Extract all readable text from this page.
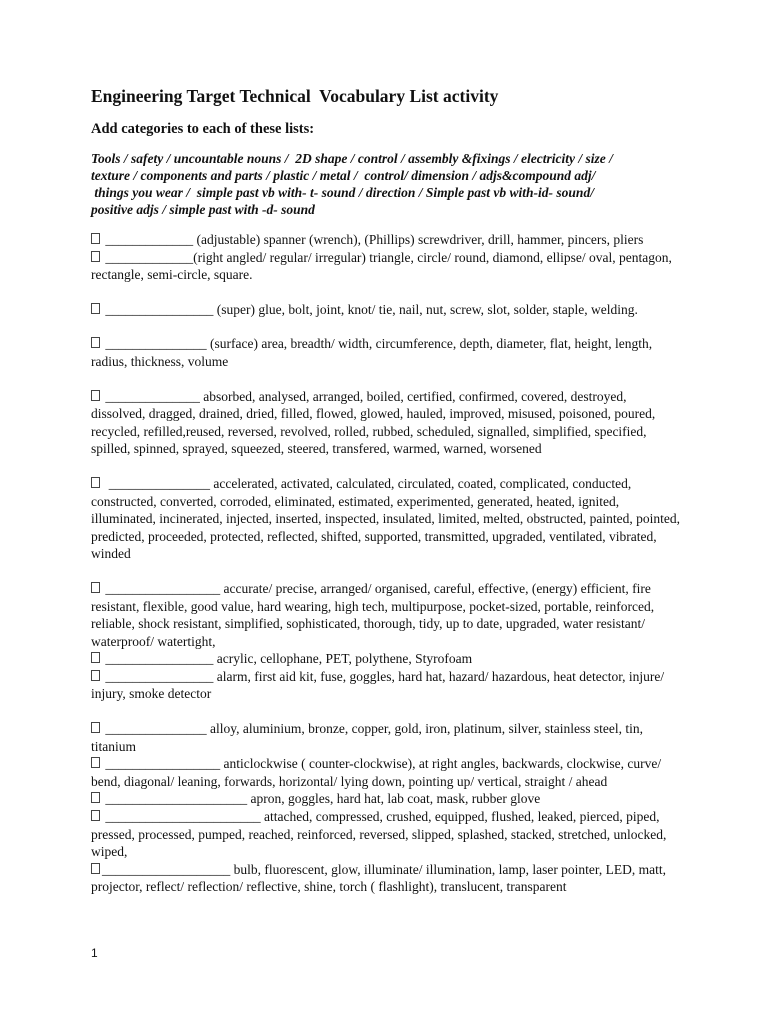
Engineering Target Technical  Vocabulary List activity
Add categories to each of these lists:
Tools / safety / uncountable nouns /  2D shape / control / assembly &fixings / electricity / size /
texture / components and parts / plastic / metal /  control/ dimension / adjs&compound adj/
things you wear /  simple past vb with- t- sound / direction / Simple past vb with-id- sound/
positive adjs / simple past with -d- sound

_____________ (adjustable) spanner (wrench), (Phillips) screwdriver, drill, hammer, pincers, pliers

_____________(right angled/ regular/ irregular) triangle, circle/ round, diamond, ellipse/ oval, pentagon, rectangle, semi-circle, square.

________________ (super) glue, bolt, joint, knot/ tie, nail, nut, screw, slot, solder, staple, welding.

_______________ (surface) area, breadth/ width, circumference, depth, diameter, flat, height, length, radius, thickness, volume

______________ absorbed, analysed, arranged, boiled, certified, confirmed, covered, destroyed, dissolved, dragged, drained, dried, filled, flowed, glowed, hauled, improved, misused, poisoned, poured, recycled, refilled,reused, reversed, revolved, rolled, rubbed, scheduled, signalled, simplified, specified, spilled, spinned, sprayed, squeezed, steered, transfered, warmed, warned, worsened

_______________ accelerated, activated, calculated, circulated, coated, complicated, conducted, constructed, converted, corroded, eliminated, estimated, experimented, generated, heated, ignited, illuminated, incinerated, injected, inserted, inspected, insulated, limited, melted, obstructed, painted, pointed, predicted, proceeded, protected, reflected, shifted, supported, transmitted, upgraded, ventilated, vibrated, winded

_________________ accurate/ precise, arranged/ organised, careful, effective, (energy) efficient, fire resistant, flexible, good value, hard wearing, high tech, multipurpose, pocket-sized, portable, reinforced, reliable, shock resistant, simplified, sophisticated, thorough, tidy, up to date, upgraded, water resistant/ waterproof/ watertight,

________________ acrylic, cellophane, PET, polythene, Styrofoam

________________ alarm, first aid kit, fuse, goggles, hard hat, hazard/ hazardous, heat detector, injure/ injury, smoke detector

_______________ alloy, aluminium, bronze, copper, gold, iron, platinum, silver, stainless steel, tin, titanium

_________________ anticlockwise ( counter-clockwise), at right angles, backwards, clockwise, curve/ bend, diagonal/ leaning, forwards, horizontal/ lying down, pointing up/ vertical, straight / ahead

_____________________ apron, goggles, hard hat, lab coat, mask, rubber glove

_______________________ attached, compressed, crushed, equipped, flushed, leaked, pierced, piped, pressed, processed, pumped, reached, reinforced, reversed, slipped, splashed, stacked, stretched, unlocked, wiped,

___________________ bulb, fluorescent, glow, illuminate/ illumination, lamp, laser pointer, LED, matt, projector, reflect/ reflection/ reflective, shine, torch ( flashlight), translucent, transparent

1
